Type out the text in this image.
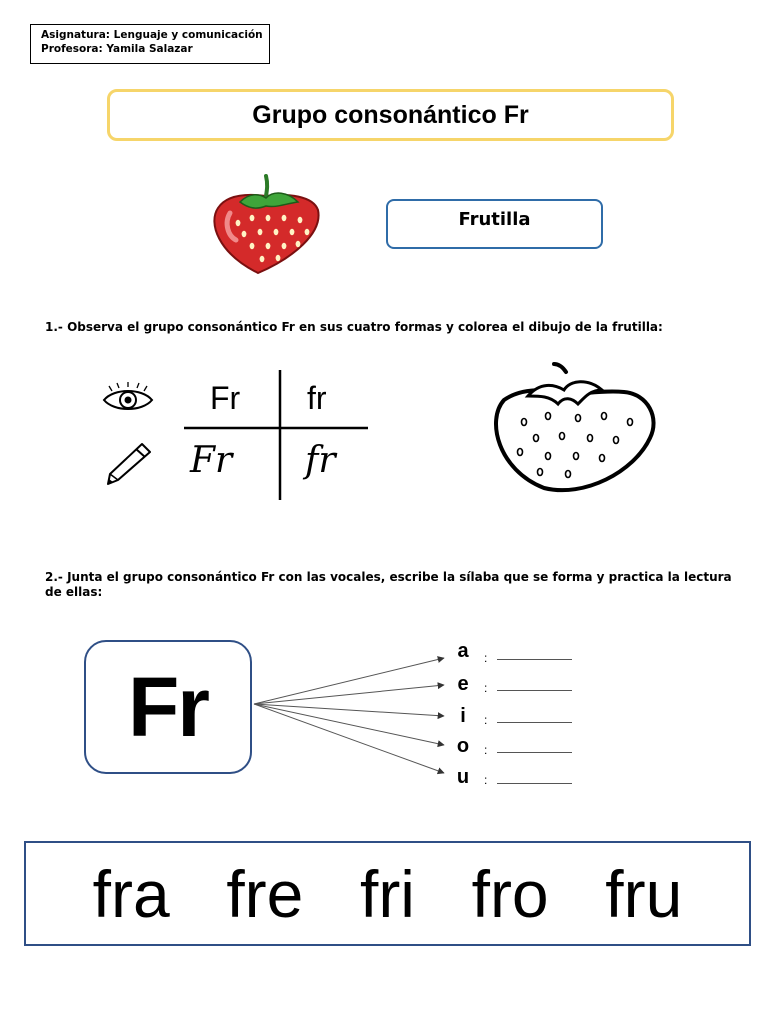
Asignatura: Lenguaje y comunicación
Profesora: Yamila Salazar
Grupo consonántico Fr
Frutilla
1.- Observa el grupo consonántico Fr en sus cuatro formas y colorea el dibujo de la frutilla:
Fr fr
Fr fr
2.- Junta el grupo consonántico Fr con las vocales, escribe la sílaba que se forma y practica la lectura de ellas:
Fr
a
e
i
o
u
:
:
:
:
:
fra fre fri fro fru
